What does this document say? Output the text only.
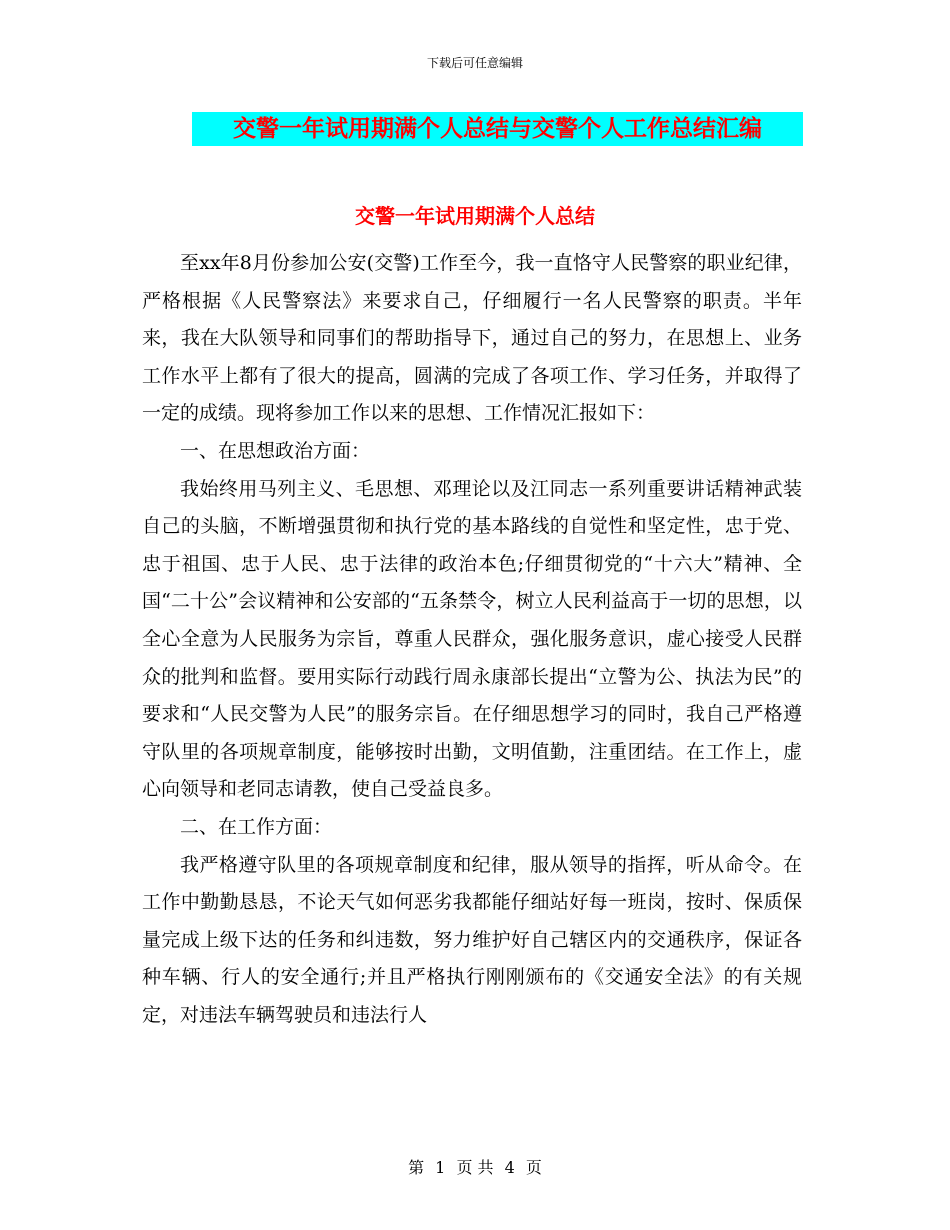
下载后可任意编辑
交警一年试用期满个人总结与交警个人工作总结汇编
交警一年试用期满个人总结

至xx年8月份参加公安(交警)工作至今，我一直恪守人民警察的职业纪律，严格根据《人民警察法》来要求自己，仔细履行一名人民警察的职责。半年来，我在大队领导和同事们的帮助指导下，通过自己的努力，在思想上、业务工作水平上都有了很大的提高，圆满的完成了各项工作、学习任务，并取得了一定的成绩。现将参加工作以来的思想、工作情况汇报如下：

一、在思想政治方面：

我始终用马列主义、毛思想、邓理论以及江同志一系列重要讲话精神武装自己的头脑，不断增强贯彻和执行党的基本路线的自觉性和坚定性，忠于党、忠于祖国、忠于人民、忠于法律的政治本色;仔细贯彻党的“十六大”精神、全国“二十公”会议精神和公安部的“五条禁令，树立人民利益高于一切的思想，以全心全意为人民服务为宗旨，尊重人民群众，强化服务意识，虚心接受人民群众的批判和监督。要用实际行动践行周永康部长提出“立警为公、执法为民”的要求和“人民交警为人民”的服务宗旨。在仔细思想学习的同时，我自己严格遵守队里的各项规章制度，能够按时出勤，文明值勤，注重团结。在工作上，虚心向领导和老同志请教，使自己受益良多。

二、在工作方面：

我严格遵守队里的各项规章制度和纪律，服从领导的指挥，听从命令。在工作中勤勤恳恳，不论天气如何恶劣我都能仔细站好每一班岗，按时、保质保量完成上级下达的任务和纠违数，努力维护好自己辖区内的交通秩序，保证各种车辆、行人的安全通行;并且严格执行刚刚颁布的《交通安全法》的有关规定，对违法车辆驾驶员和违法行人

第 1 页 共 4 页
